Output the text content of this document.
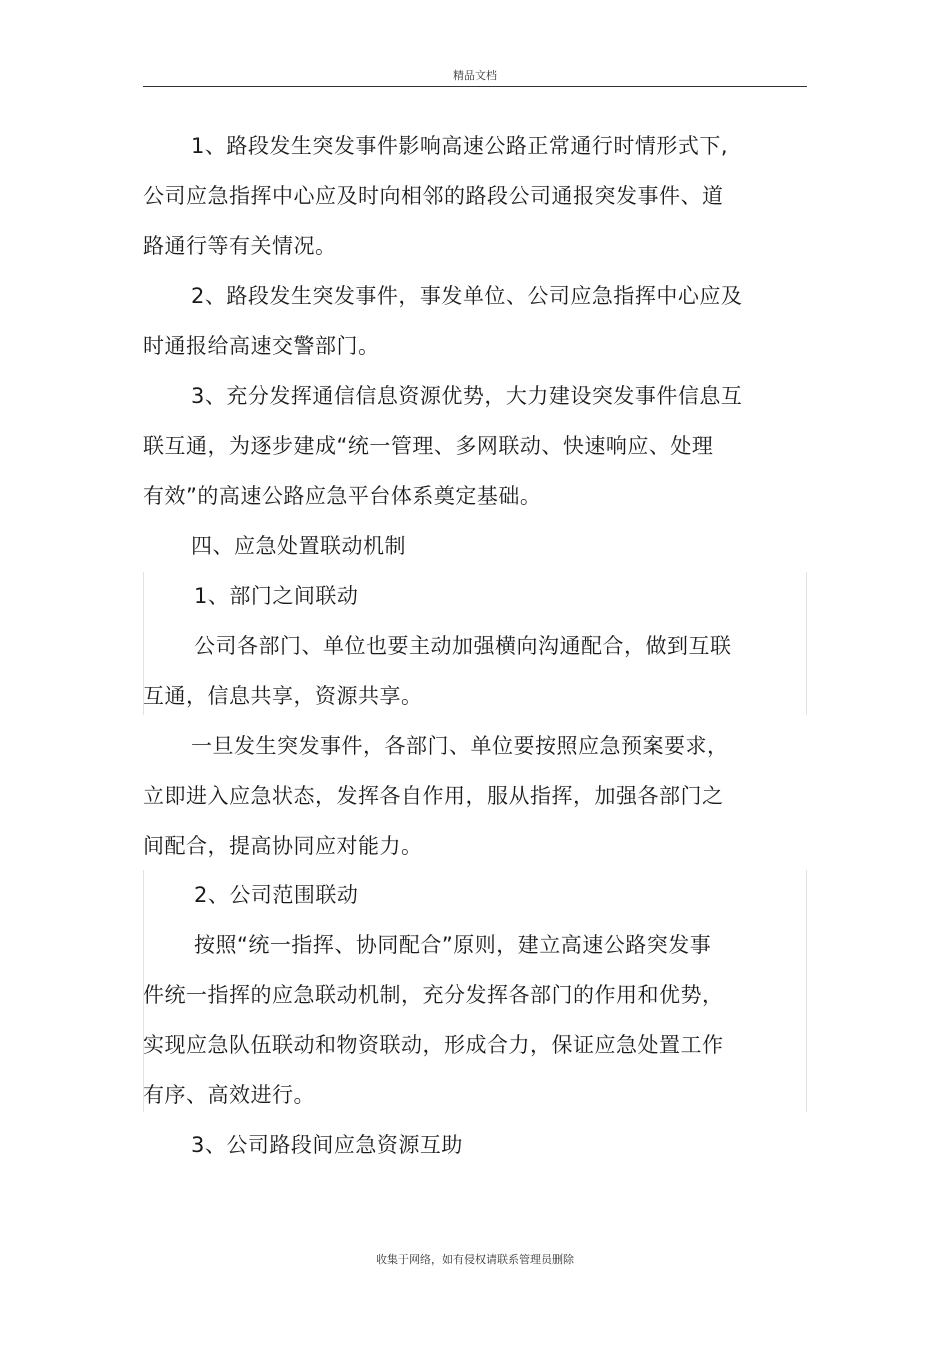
精品文档
1、路段发生突发事件影响高速公路正常通行时情形式下,
公司应急指挥中心应及时向相邻的路段公司通报突发事件、道
路通行等有关情况。
2、路段发生突发事件，事发单位、公司应急指挥中心应及
时通报给高速交警部门。
3、充分发挥通信信息资源优势，大力建设突发事件信息互
联互通，为逐步建成“统一管理、多网联动、快速响应、处理
有效”的高速公路应急平台体系奠定基础。
四、应急处置联动机制
1、部门之间联动
公司各部门、单位也要主动加强横向沟通配合，做到互联
互通，信息共享，资源共享。
一旦发生突发事件，各部门、单位要按照应急预案要求，
立即进入应急状态，发挥各自作用，服从指挥，加强各部门之
间配合，提高协同应对能力。
2、公司范围联动
按照“统一指挥、协同配合”原则，建立高速公路突发事
件统一指挥的应急联动机制，充分发挥各部门的作用和优势，
实现应急队伍联动和物资联动，形成合力，保证应急处置工作
有序、高效进行。
3、公司路段间应急资源互助
收集于网络，如有侵权请联系管理员删除
